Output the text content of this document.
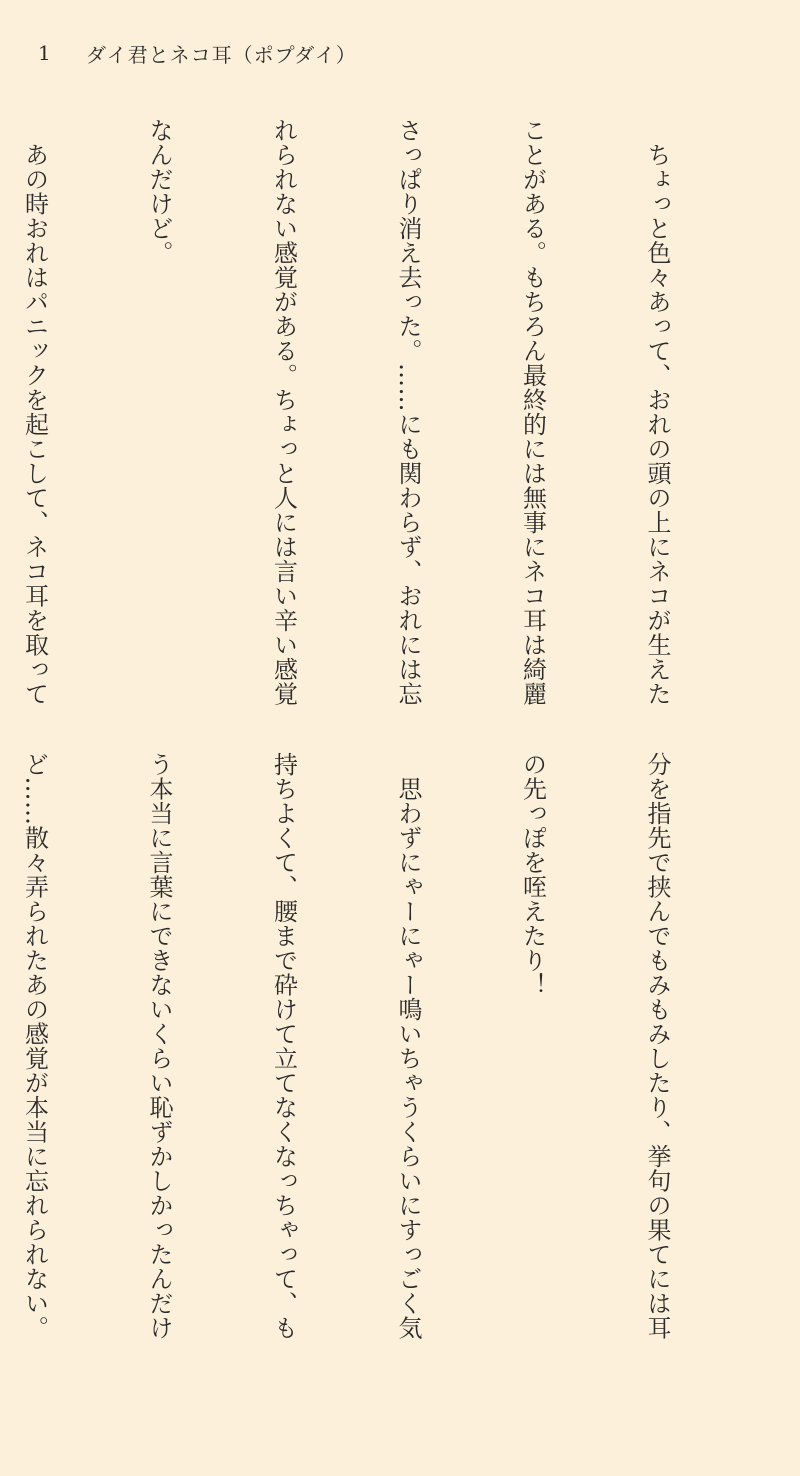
1	ダイ君とネコ耳（ポプダイ）

　ちょっと色々あって、おれの頭の上にネコが生えた

ことがある。もちろん最終的には無事にネコ耳は綺麗

さっぱり消え去った。……にも関わらず、おれには忘

れられない感覚がある。ちょっと人には言い辛い感覚

なんだけど。

　あの時おれはパニックを起こして、ネコ耳を取って

分を指先で挟んでもみもみしたり、挙句の果てには耳

の先っぽを咥えたり！

　思わずにゃーにゃー鳴いちゃうくらいにすっごく気

持ちよくて、腰まで砕けて立てなくなっちゃって、も

う本当に言葉にできないくらい恥ずかしかったんだけ

ど……散々弄られたあの感覚が本当に忘れられない。
